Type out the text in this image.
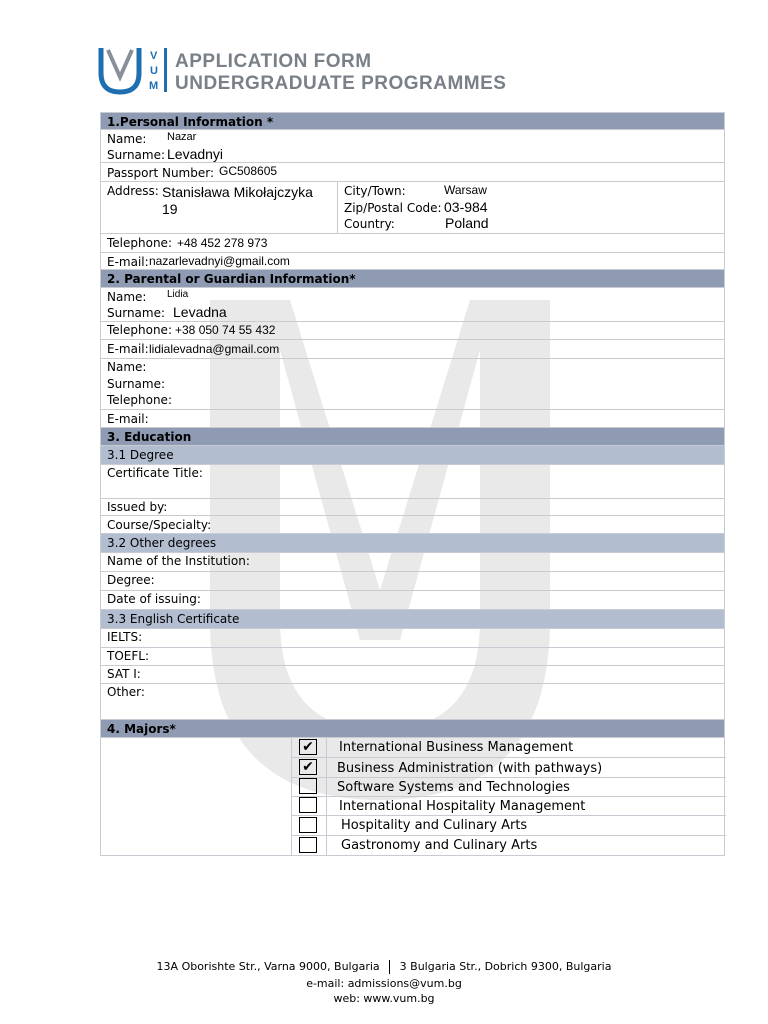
V
U
M
APPLICATION FORM
UNDERGRADUATE PROGRAMMES
1.Personal Information *
Name: Nazar
Surname: Levadnyi
Passport Number: GC508605
Address: Stanisława Mikołajczyka
19
City/Town:	Warsaw
Zip/Postal Code: 03-984
Country:	Poland
Telephone: +48 452 278 973
E-mail: nazarlevadnyi@gmail.com
2. Parental or Guardian Information*
Name: Lidia
Surname: Levadna
Telephone: +38 050 74 55 432
E-mail: lidialevadna@gmail.com
Name:
Surname:
Telephone:
E-mail:
3. Education
3.1 Degree
Certificate Title:
Issued by:
Course/Specialty:
3.2 Other degrees
Name of the Institution:
Degree:
Date of issuing:
3.3 English Certificate
IELTS:
TOEFL:
SAT I:
Other:
4. Majors*
✔ International Business Management
✔ Business Administration (with pathways)
Software Systems and Technologies
International Hospitality Management
Hospitality and Culinary Arts
Gastronomy and Culinary Arts
13A Oborishte Str., Varna 9000, Bulgaria 3 Bulgaria Str., Dobrich 9300, Bulgaria
e-mail: admissions@vum.bg
web: www.vum.bg
